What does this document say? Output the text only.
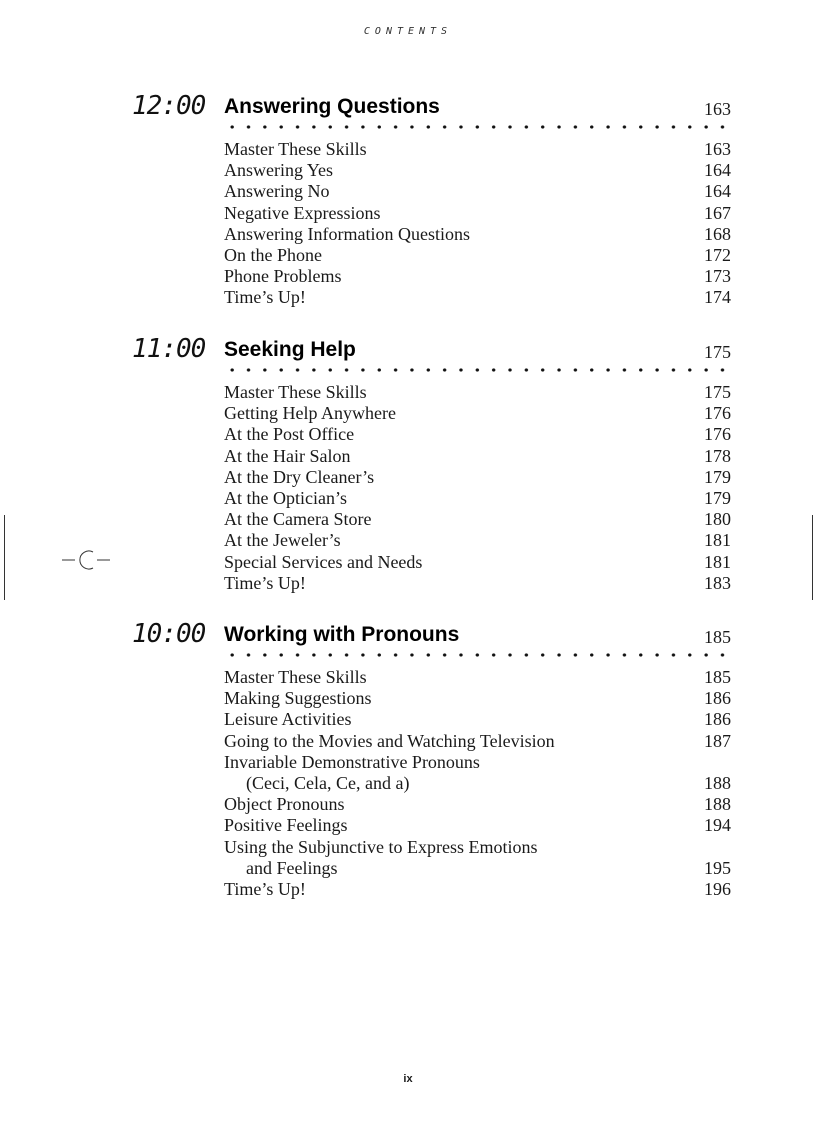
CONTENTS
12:00 Answering Questions	163
Master These Skills	163
Answering Yes	164
Answering No	164
Negative Expressions	167
Answering Information Questions	168
On the Phone	172
Phone Problems	173
Time’s Up!	174
11:00 Seeking Help	175
Master These Skills	175
Getting Help Anywhere	176
At the Post Office	176
At the Hair Salon	178
At the Dry Cleaner’s	179
At the Optician’s	179
At the Camera Store	180
At the Jeweler’s	181
Special Services and Needs	181
Time’s Up!	183
10:00 Working with Pronouns	185
Master These Skills	185
Making Suggestions	186
Leisure Activities	186
Going to the Movies and Watching Television	187
Invariable Demonstrative Pronouns
(Ceci, Cela, Ce, and a)	188
Object Pronouns	188
Positive Feelings	194
Using the Subjunctive to Express Emotions
and Feelings	195
Time’s Up!	196
ix
